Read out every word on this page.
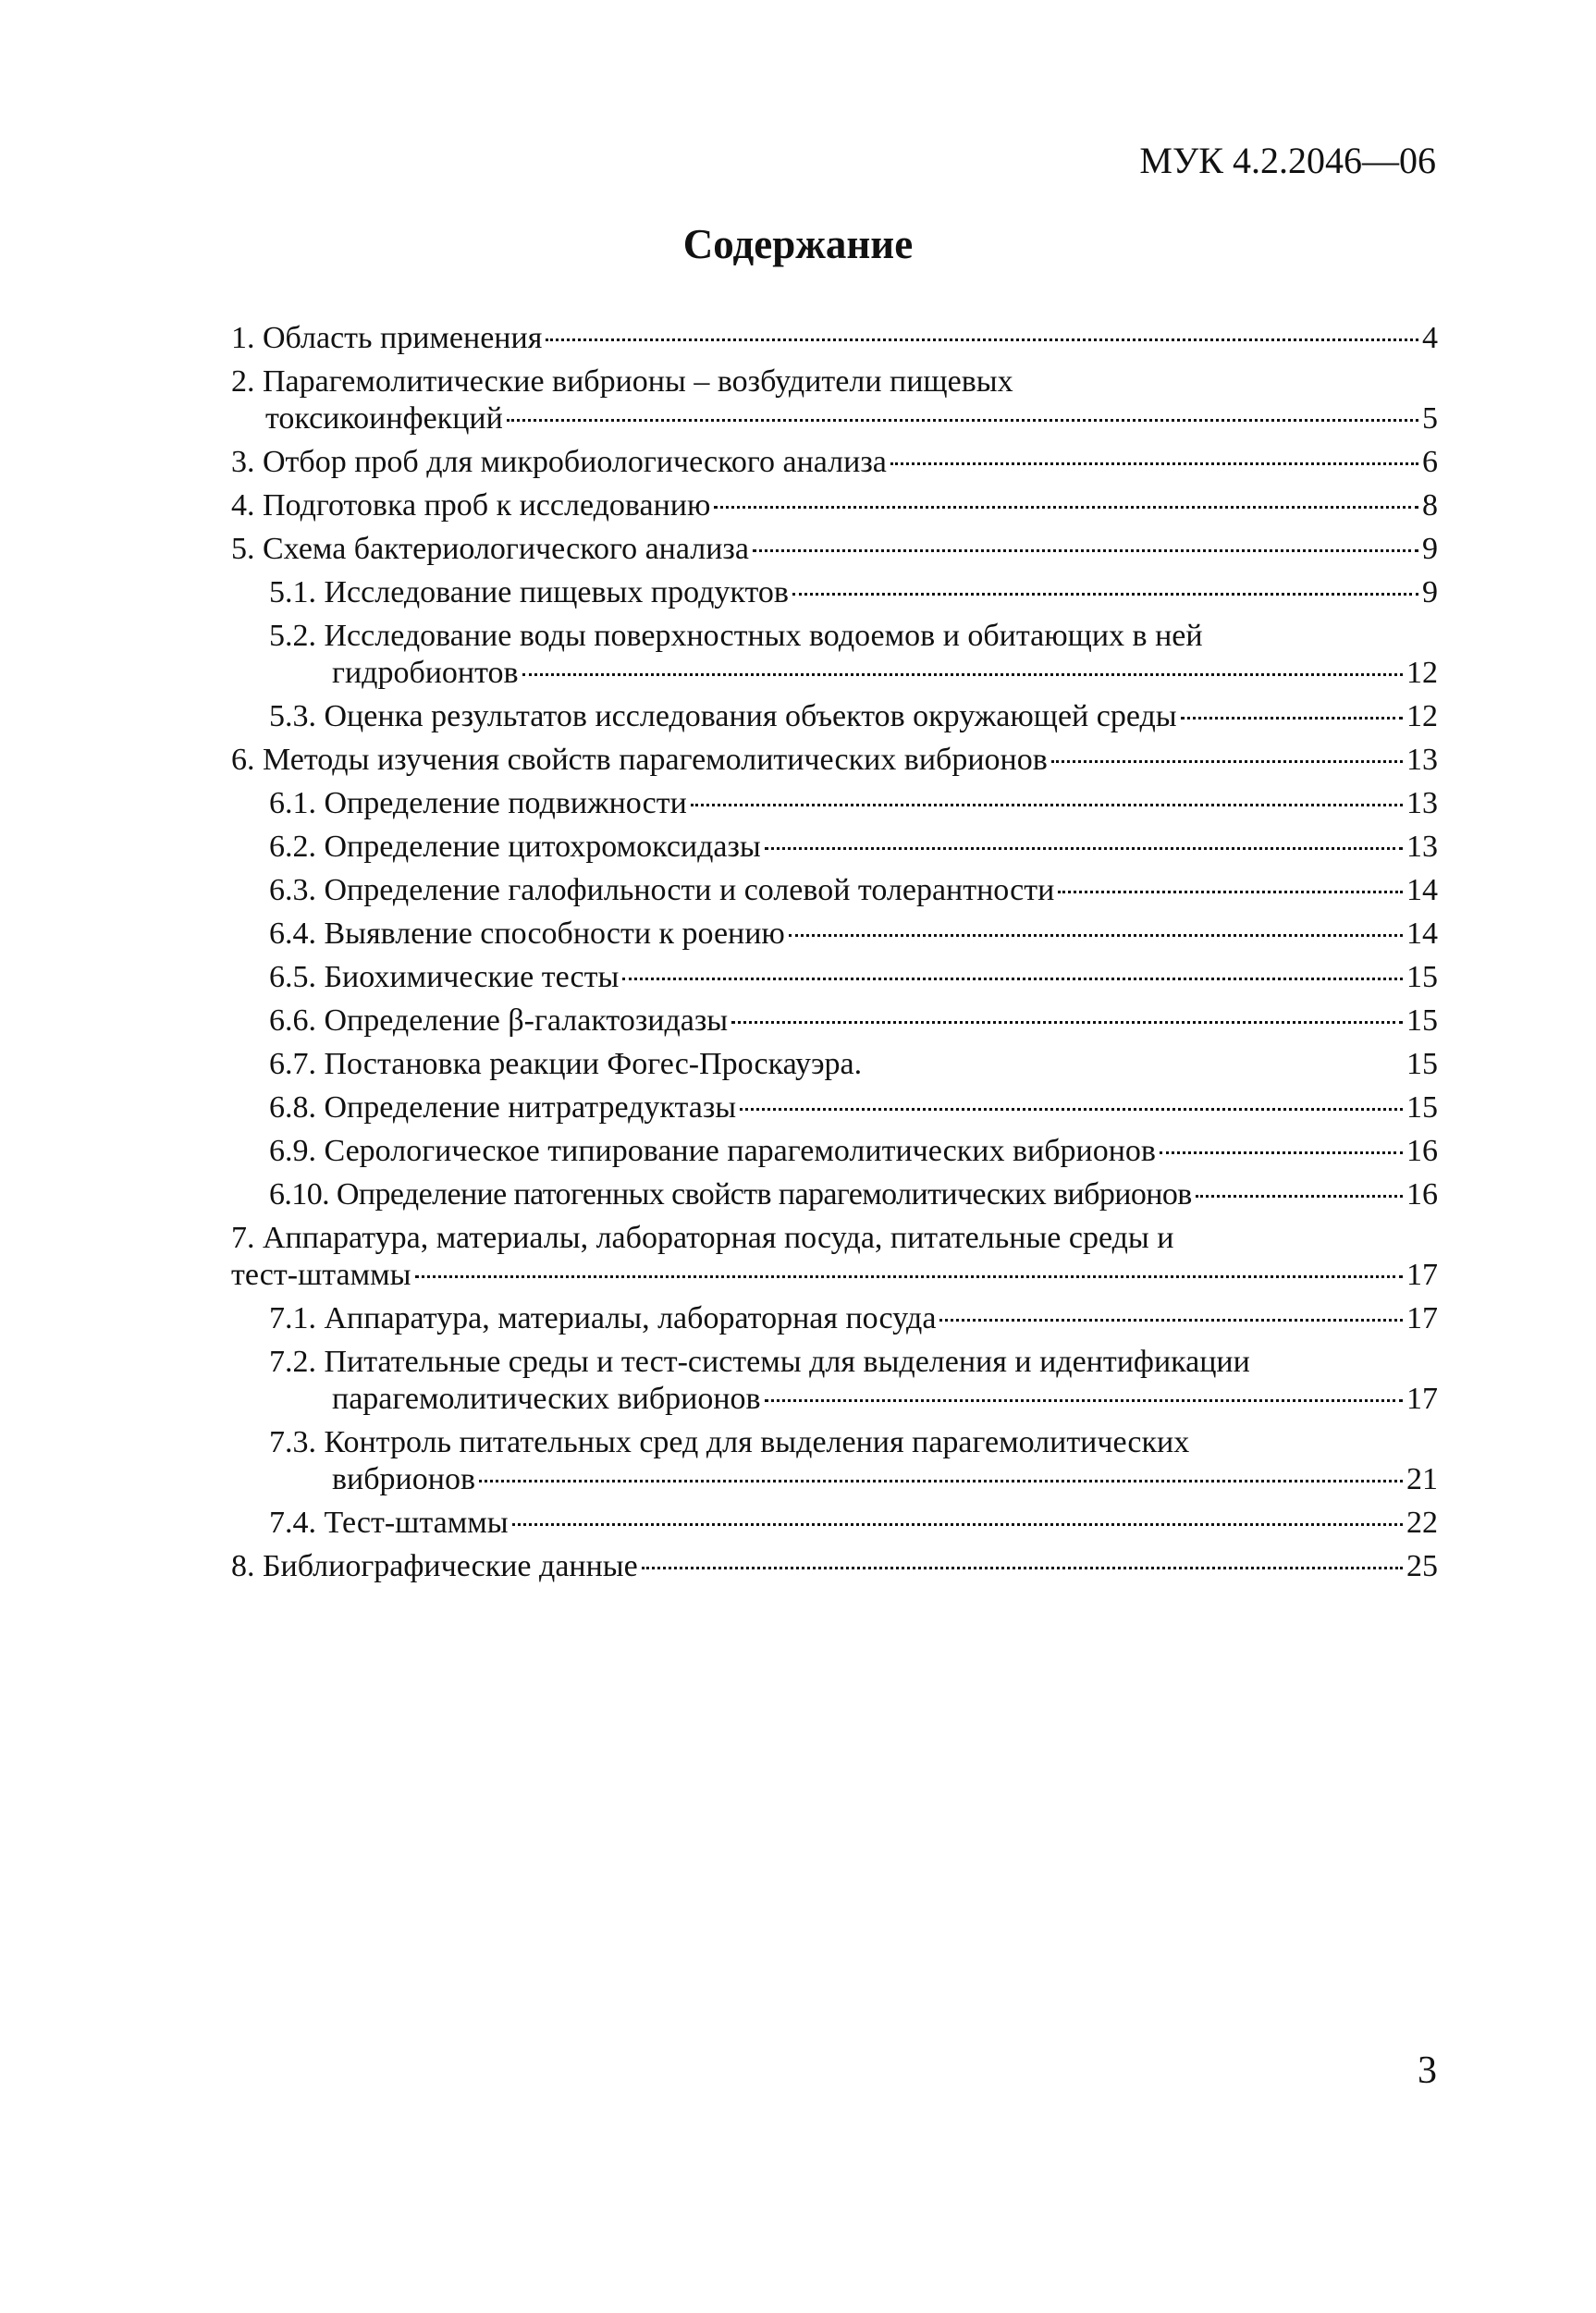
МУК 4.2.2046—06
Содержание
1. Область применения	4
2. Парагемолитические вибрионы – возбудители пищевых
токсикоинфекций	5
3. Отбор проб для микробиологического анализа	6
4. Подготовка проб к исследованию	8
5. Схема бактериологического анализа	9
5.1. Исследование пищевых продуктов	9
5.2. Исследование воды поверхностных водоемов и обитающих в ней
гидробионтов	12
5.3. Оценка результатов исследования объектов окружающей среды	12
6. Методы изучения свойств парагемолитических вибрионов	13
6.1. Определение подвижности	13
6.2. Определение цитохромоксидазы	13
6.3. Определение галофильности и солевой толерантности	14
6.4. Выявление способности к роению	14
6.5. Биохимические тесты	15
6.6. Определение β-галактозидазы	15
6.7. Постановка реакции Фогес-Проскауэра.	15
6.8. Определение нитратредуктазы	15
6.9. Серологическое типирование парагемолитических вибрионов	16
6.10. Определение патогенных свойств парагемолитических вибрионов	16
7. Аппаратура, материалы, лабораторная посуда, питательные среды и
тест-штаммы	17
7.1. Аппаратура, материалы, лабораторная посуда	17
7.2. Питательные среды и тест-системы для выделения и идентификации
парагемолитических вибрионов	17
7.3. Контроль питательных сред для выделения парагемолитических
вибрионов	21
7.4. Тест-штаммы	22
8. Библиографические данные	25
3
